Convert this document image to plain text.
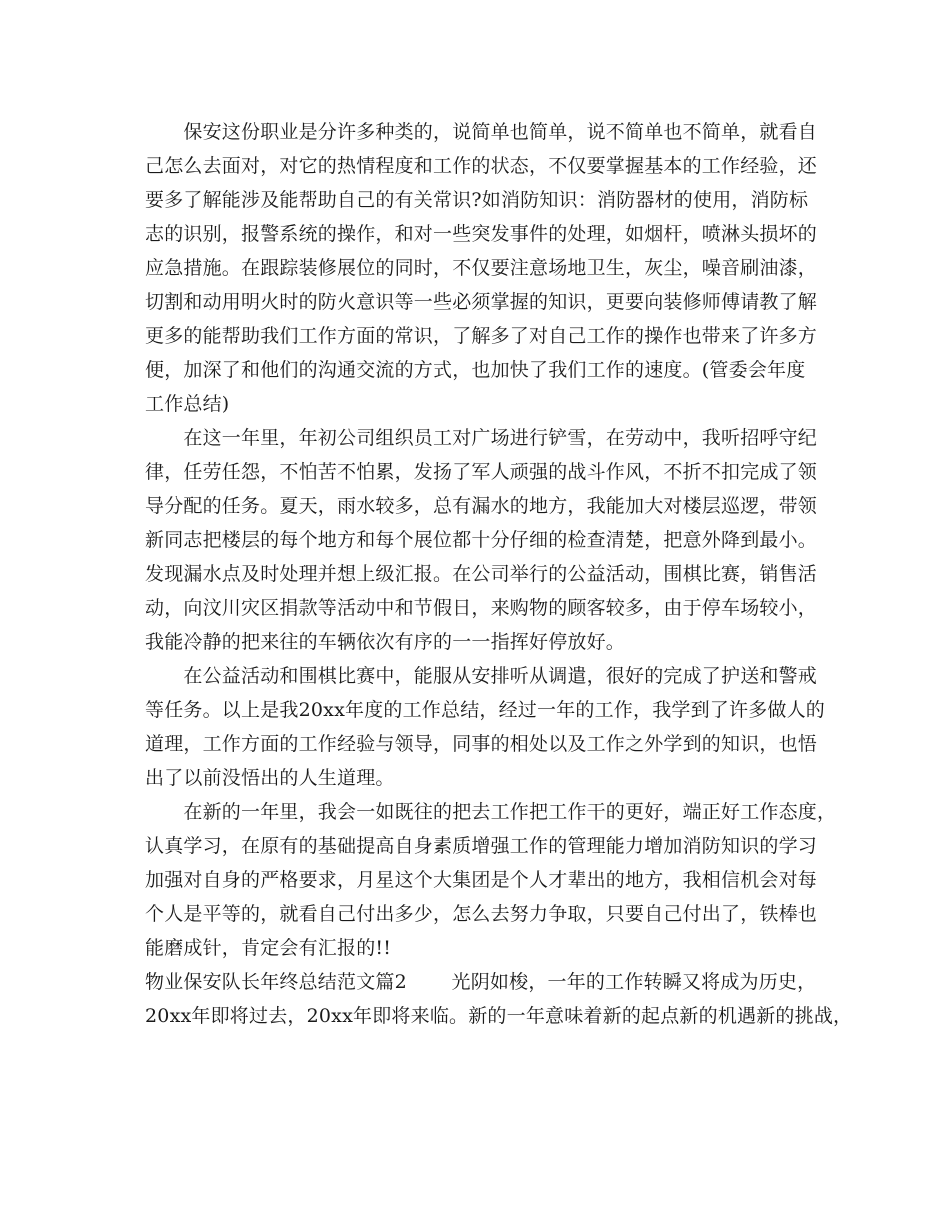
　　保安这份职业是分许多种类的，说简单也简单，说不简单也不简单，就看自
己怎么去面对，对它的热情程度和工作的状态，不仅要掌握基本的工作经验，还
要多了解能涉及能帮助自己的有关常识?如消防知识：消防器材的使用，消防标
志的识别，报警系统的操作，和对一些突发事件的处理，如烟杆，喷淋头损坏的
应急措施。在跟踪装修展位的同时，不仅要注意场地卫生，灰尘，噪音刷油漆，
切割和动用明火时的防火意识等一些必须掌握的知识，更要向装修师傅请教了解
更多的能帮助我们工作方面的常识，了解多了对自己工作的操作也带来了许多方
便，加深了和他们的沟通交流的方式，也加快了我们工作的速度。(管委会年度
工作总结)
　　在这一年里，年初公司组织员工对广场进行铲雪，在劳动中，我听招呼守纪
律，任劳任怨，不怕苦不怕累，发扬了军人顽强的战斗作风，不折不扣完成了领
导分配的任务。夏天，雨水较多，总有漏水的地方，我能加大对楼层巡逻，带领
新同志把楼层的每个地方和每个展位都十分仔细的检查清楚，把意外降到最小。
发现漏水点及时处理并想上级汇报。在公司举行的公益活动，围棋比赛，销售活
动，向汶川灾区捐款等活动中和节假日，来购物的顾客较多，由于停车场较小，
我能冷静的把来往的车辆依次有序的一一指挥好停放好。
　　在公益活动和围棋比赛中，能服从安排听从调遣，很好的完成了护送和警戒
等任务。以上是我20xx年度的工作总结，经过一年的工作，我学到了许多做人的
道理，工作方面的工作经验与领导，同事的相处以及工作之外学到的知识，也悟
出了以前没悟出的人生道理。
　　在新的一年里，我会一如既往的把去工作把工作干的更好，端正好工作态度，
认真学习，在原有的基础提高自身素质增强工作的管理能力增加消防知识的学习
加强对自身的严格要求，月星这个大集团是个人才辈出的地方，我相信机会对每
个人是平等的，就看自己付出多少，怎么去努力争取，只要自己付出了，铁棒也
能磨成针，肯定会有汇报的!!
物业保安队长年终总结范文篇2　　 光阴如梭，一年的工作转瞬又将成为历史，
20xx年即将过去，20xx年即将来临。新的一年意味着新的起点新的机遇新的挑战，
